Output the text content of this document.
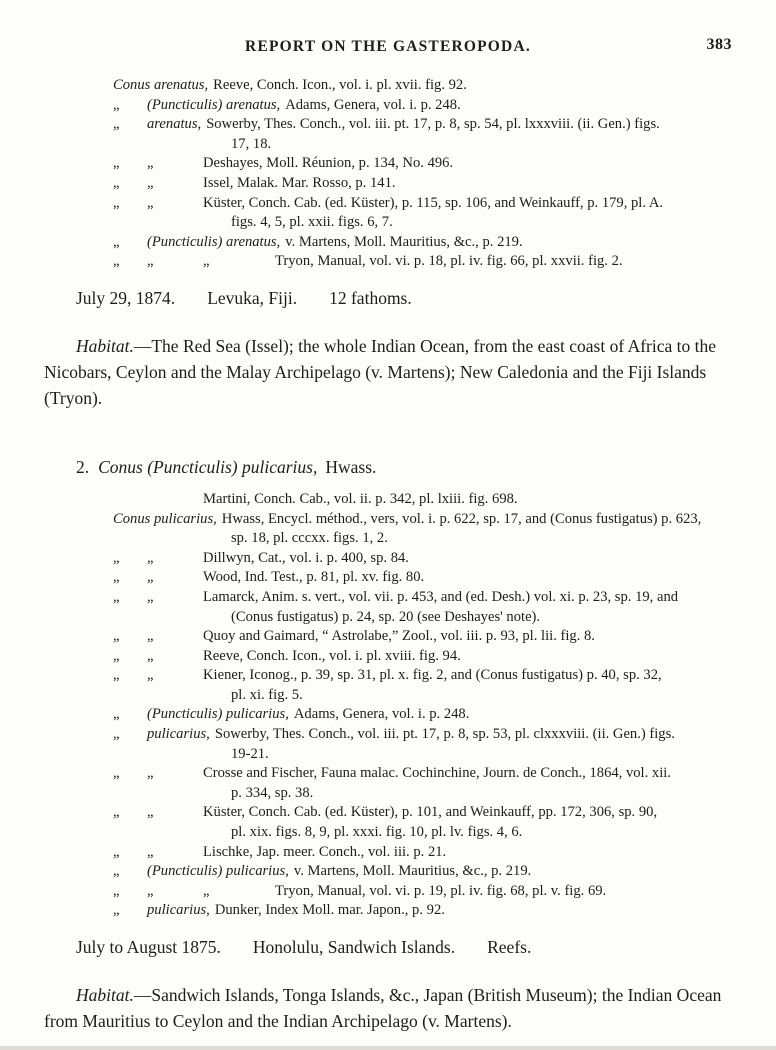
REPORT ON THE GASTEROPODA.	383
Conus arenatus, Reeve, Conch. Icon., vol. i. pl. xvii. fig. 92.
„ (Puncticulis) arenatus, Adams, Genera, vol. i. p. 248.
„ arenatus, Sowerby, Thes. Conch., vol. iii. pt. 17, p. 8, sp. 54, pl. lxxxviii. (ii. Gen.) figs.
17, 18.
„ „	Deshayes, Moll. Réunion, p. 134, No. 496.
„ „	Issel, Malak. Mar. Rosso, p. 141.
„ „	Küster, Conch. Cab. (ed. Küster), p. 115, sp. 106, and Weinkauff, p. 179, pl. A.
figs. 4, 5, pl. xxii. figs. 6, 7.
„ (Puncticulis) arenatus, v. Martens, Moll. Mauritius, &c., p. 219.
„ „	„	Tryon, Manual, vol. vi. p. 18, pl. iv. fig. 66, pl. xxvii. fig. 2.

July 29, 1874. Levuka, Fiji. 12 fathoms.

Habitat.—The Red Sea (Issel); the whole Indian Ocean, from the east coast of Africa to the Nicobars, Ceylon and the Malay Archipelago (v. Martens); New Caledonia and the Fiji Islands (Tryon).

2. Conus (Puncticulis) pulicarius, Hwass.
Martini, Conch. Cab., vol. ii. p. 342, pl. lxiii. fig. 698.
Conus pulicarius, Hwass, Encycl. méthod., vers, vol. i. p. 622, sp. 17, and (Conus fustigatus) p. 623,
sp. 18, pl. cccxx. figs. 1, 2.
„ „	Dillwyn, Cat., vol. i. p. 400, sp. 84.
„ „	Wood, Ind. Test., p. 81, pl. xv. fig. 80.
„ „	Lamarck, Anim. s. vert., vol. vii. p. 453, and (ed. Desh.) vol. xi. p. 23, sp. 19, and
(Conus fustigatus) p. 24, sp. 20 (see Deshayes' note).
„ „	Quoy and Gaimard, “ Astrolabe,” Zool., vol. iii. p. 93, pl. lii. fig. 8.
„ „	Reeve, Conch. Icon., vol. i. pl. xviii. fig. 94.
„ „	Kiener, Iconog., p. 39, sp. 31, pl. x. fig. 2, and (Conus fustigatus) p. 40, sp. 32,
pl. xi. fig. 5.
„ (Puncticulis) pulicarius, Adams, Genera, vol. i. p. 248.
„ pulicarius, Sowerby, Thes. Conch., vol. iii. pt. 17, p. 8, sp. 53, pl. clxxxviii. (ii. Gen.) figs.
19-21.
„ „	Crosse and Fischer, Fauna malac. Cochinchine, Journ. de Conch., 1864, vol. xii.
p. 334, sp. 38.
„ „	Küster, Conch. Cab. (ed. Küster), p. 101, and Weinkauff, pp. 172, 306, sp. 90,
pl. xix. figs. 8, 9, pl. xxxi. fig. 10, pl. lv. figs. 4, 6.
„ „	Lischke, Jap. meer. Conch., vol. iii. p. 21.
„ (Puncticulis) pulicarius, v. Martens, Moll. Mauritius, &c., p. 219.
„ „	„	Tryon, Manual, vol. vi. p. 19, pl. iv. fig. 68, pl. v. fig. 69.
„ pulicarius, Dunker, Index Moll. mar. Japon., p. 92.

July to August 1875. Honolulu, Sandwich Islands. Reefs.

Habitat.—Sandwich Islands, Tonga Islands, &c., Japan (British Museum); the Indian Ocean from Mauritius to Ceylon and the Indian Archipelago (v. Martens).
